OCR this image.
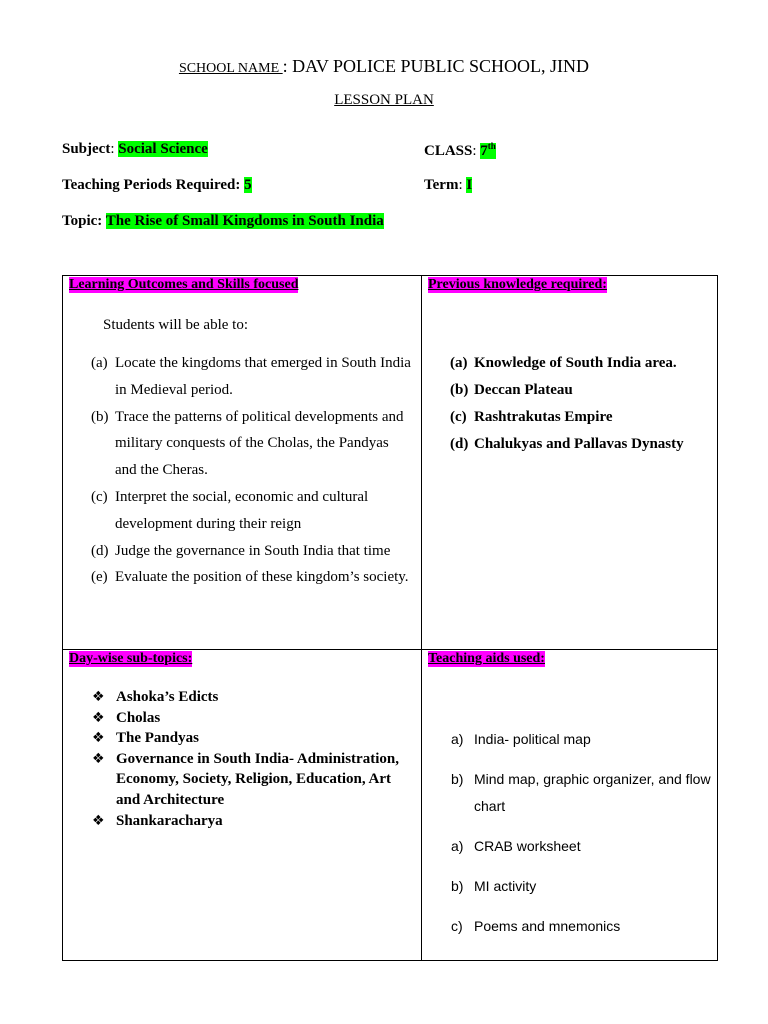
SCHOOL NAME : DAV POLICE PUBLIC SCHOOL, JIND
LESSON PLAN
Subject: Social Science	CLASS: 7th
Teaching Periods Required: 5	Term: I
Topic: The Rise of Small Kingdoms in South India
Learning Outcomes and Skills focused
Students will be able to:
(a) Locate the kingdoms that emerged in South India
in Medieval period.
(b) Trace the patterns of political developments and
military conquests of the Cholas, the Pandyas
and the Cheras.
(c) Interpret the social, economic and cultural
development during their reign
(d) Judge the governance in South India that time
(e) Evaluate the position of these kingdom’s society.
Previous knowledge required:
(a) Knowledge of South India area.
(b) Deccan Plateau
(c) Rashtrakutas Empire
(d) Chalukyas and Pallavas Dynasty
Day-wise sub-topics:
❖ Ashoka’s Edicts
❖ Cholas
❖ The Pandyas
❖ Governance in South India- Administration,
Economy, Society, Religion, Education, Art
and Architecture
❖ Shankaracharya
Teaching aids used:
a) India- political map
b) Mind map, graphic organizer, and flow
chart
a) CRAB worksheet
b) MI activity
c) Poems and mnemonics
